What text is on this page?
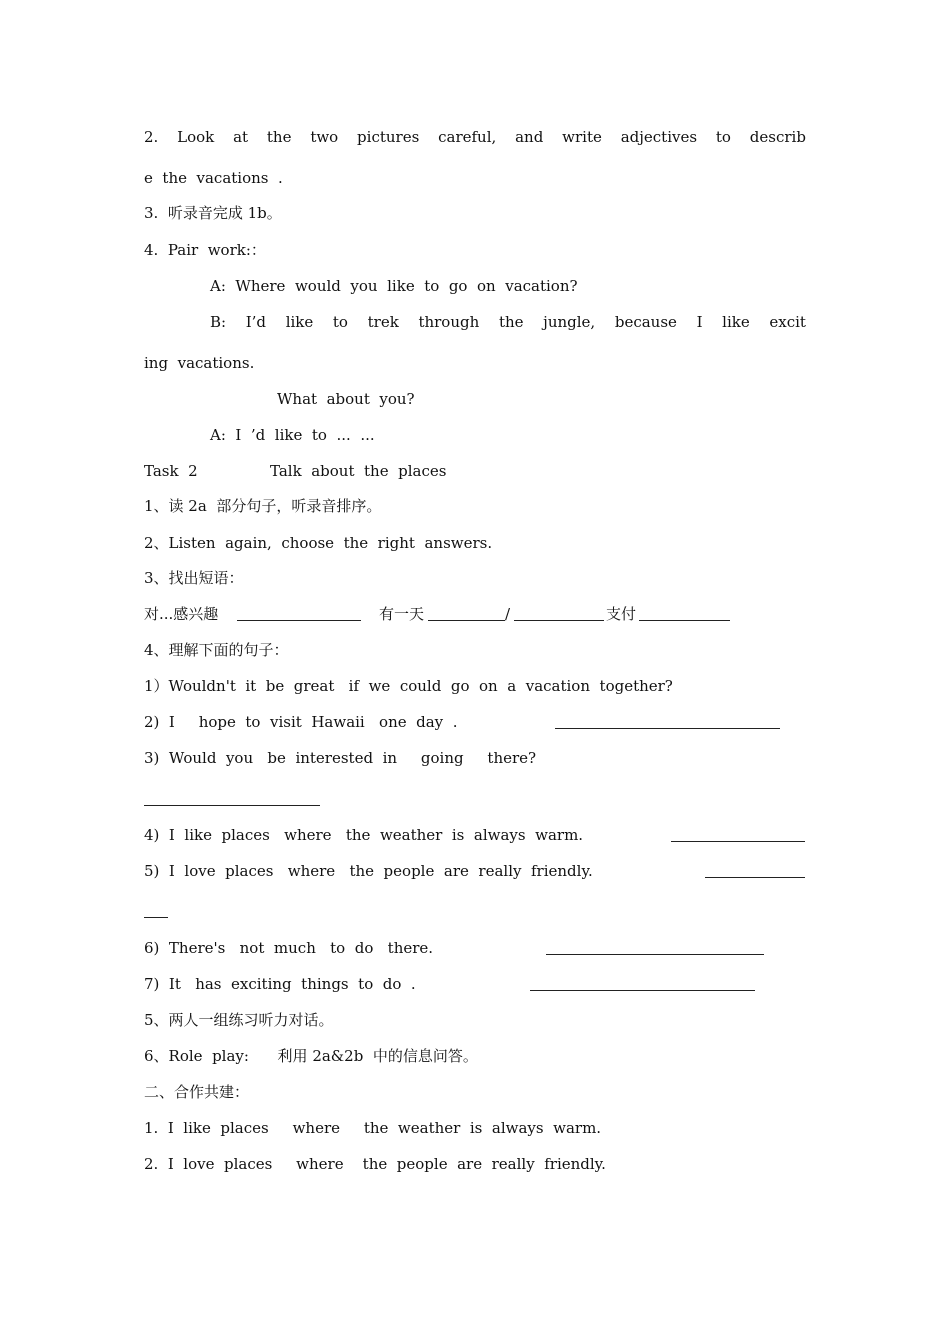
2. Look at the two pictures careful, and write adjectives to describ

e  the  vacations  .

3.  听录音完成 1b。

4.  Pair  work:：

A:  Where  would  you  like  to  go  on  vacation?

B: I’d like to trek through the jungle, because I like excit

ing  vacations.

What  about  you?

A:  I  ’d  like  to  ...  ...

Task  2

	Talk  about  the  places

1、读 2a  部分句子，听录音排序。

2、Listen  again,  choose  the  right  answers.

3、找出短语：

对...感兴趣

	有一天

	/

	支付

4、理解下面的句子：

1）Wouldn't  it  be  great   if  we  could  go  on  a  vacation  together?

2)  I     hope  to  visit  Hawaii   one  day  .

3)  Would  you   be  interested  in     going     there?

4)  I  like  places   where   the  weather  is  always  warm.

5)  I  love  places   where   the  people  are  really  friendly.

6)  There's   not  much   to  do   there.

7)  It   has  exciting  things  to  do  .

5、两人一组练习听力对话。

6、Role  play:      利用 2a&2b  中的信息问答。

二、合作共建：

1.  I  like  places     where     the  weather  is  always  warm.

2.  I  love  places     where    the  people  are  really  friendly.
